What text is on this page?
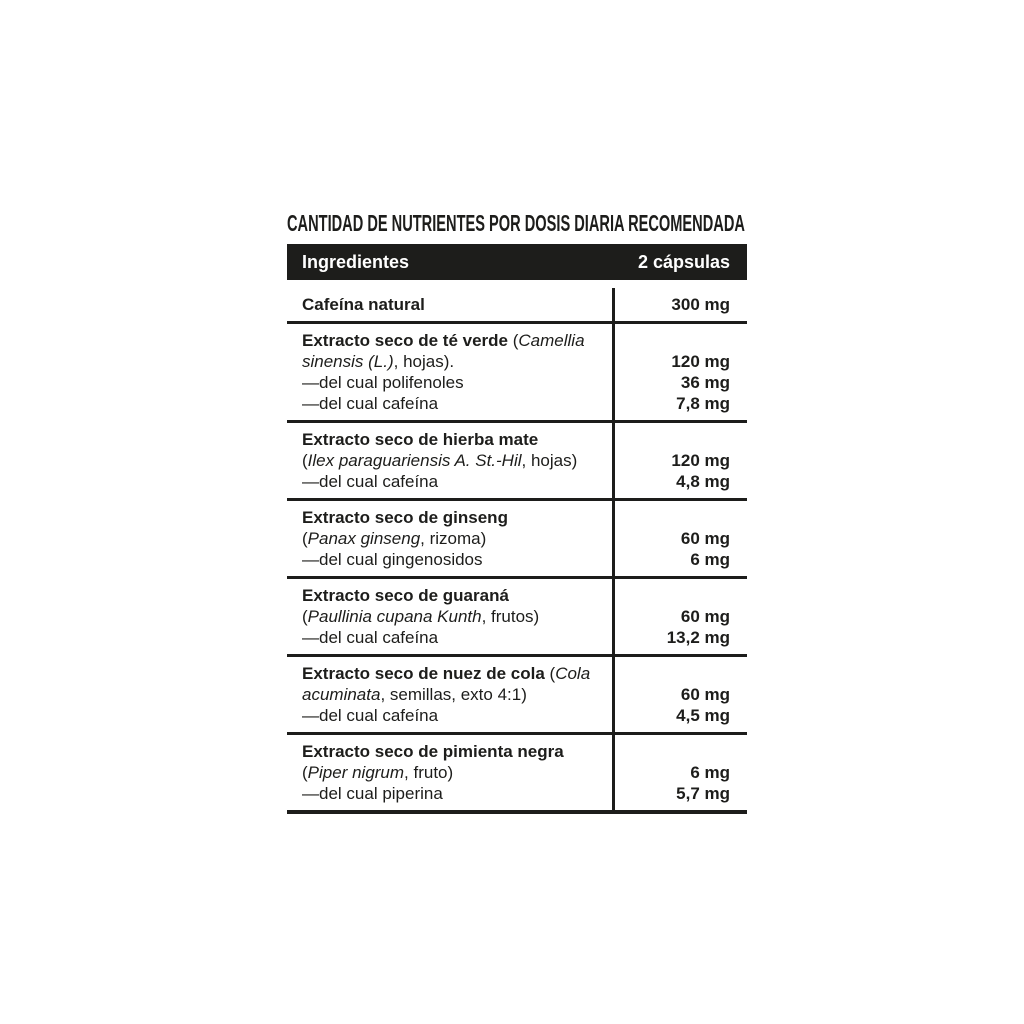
CANTIDAD DE NUTRIENTES POR DOSIS DIARIA RECOMENDADA
Ingredientes	2 cápsulas
Cafeína natural	300 mg
Extracto seco de té verde (Camellia
sinensis (L.), hojas).
—del cual polifenoles
—del cual cafeína
120 mg
36 mg
7,8 mg
Extracto seco de hierba mate
(Ilex paraguariensis A. St.-Hil, hojas)
—del cual cafeína
120 mg
4,8 mg
Extracto seco de ginseng
(Panax ginseng, rizoma)
—del cual gingenosidos
60 mg
6 mg
Extracto seco de guaraná
(Paullinia cupana Kunth, frutos)
—del cual cafeína
60 mg
13,2 mg
Extracto seco de nuez de cola (Cola
acuminata, semillas, exto 4:1)
—del cual cafeína
60 mg
4,5 mg
Extracto seco de pimienta negra
(Piper nigrum, fruto)
—del cual piperina
6 mg
5,7 mg
